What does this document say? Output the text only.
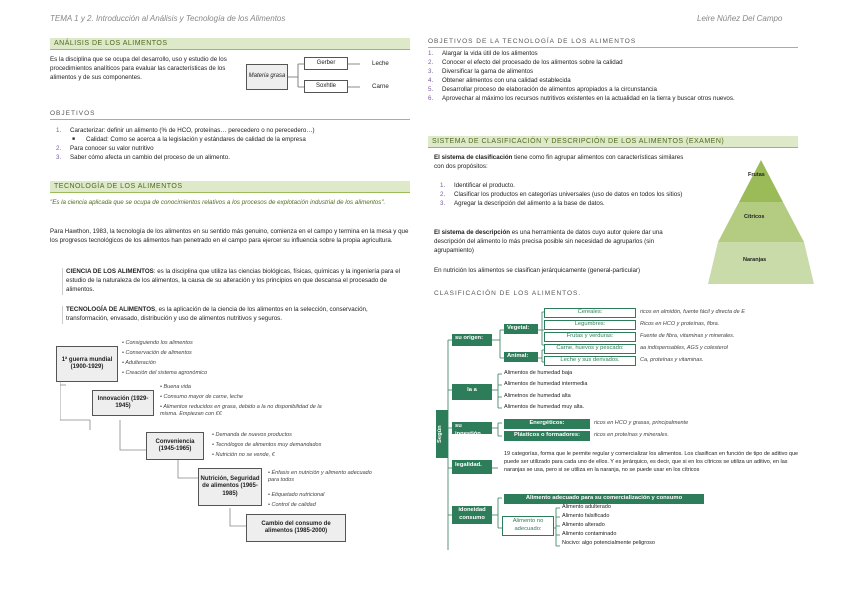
TEMA 1 y 2. Introducción al Análisis y Tecnología de los Alimentos	Leire Núñez Del Campo
ANÁLISIS DE LOS ALIMENTOS
Es la disciplina que se ocupa del desarrollo, uso y estudio de los procedimientos analíticos para evaluar las características de los alimentos y de sus componentes.	Materia grasa
Gerber
Soxhtle
Leche
Carne
OBJETIVOS
1.	Caracterizar: definir un alimento (% de HCO, proteínas… perecedero o no perecedero…)
■	Calidad: Como se acerca a la legislación y estándares de calidad de la empresa
2.	Para conocer su valor nutritivo
3.	Saber cómo afecta un cambio del proceso de un alimento.
TECNOLOGÍA DE LOS ALIMENTOS
"Es la ciencia aplicada que se ocupa de conocimientos relativos a los procesos de explotación industrial de los alimentos".
Para Hawthon, 1983, la tecnología de los alimentos en su sentido más genuino, comienza en el campo y termina en la mesa y que los progresos tecnológicos de los alimentos han penetrado en el campo para ejercer su influencia sobre la propia agricultura.
CIENCIA DE LOS ALIMENTOS: es la disciplina que utiliza las ciencias biológicas, físicas, químicas y la ingeniería para el estudio de la naturaleza de los alimentos, la causa de su alteración y los principios en que descansa el procesado de alimentos.
TECNOLOGÍA DE ALIMENTOS, es la aplicación de la ciencia de los alimentos en la selección, conservación, transformación, envasado, distribución y uso de alimentos nutritivos y seguros.
1ª guerra mundial (1900-1929)
Innovación (1929-1945)
Conveniencia (1945-1965)
Nutrición, Seguridad de alimentos (1965-1985)
Cambio del consumo de alimentos (1985-2000)
• Consiguiendo los alimentos
• Conservación de alimentos
• Adulteración
• Creación del sistema agronómico
• Buena vida
• Consumo mayor de carne, leche
• Alimentos reducidos en grasa, debido a la no disponibilidad de la misma. Empiezan con €€
• Demanda de nuevos productos
• Tecnólogos de alimentos muy demandados
• Nutrición no se vende, €
• Énfasis en nutrición y alimento adecuado para todos
• Etiquetado nutricional
• Control de calidad
OBJETIVOS DE LA TECNOLOGÍA DE LOS ALIMENTOS
1.	Alargar la vida útil de los alimentos
2.	Conocer el efecto del procesado de los alimentos sobre la calidad
3.	Diversificar la gama de alimentos
4.	Obtener alimentos con una calidad establecida
5.	Desarrollar proceso de elaboración de alimentos apropiados a la circunstancia
6.	Aprovechar al máximo los recursos nutritivos existentes en la actualidad en la tierra y buscar otros nuevos.
SISTEMA DE CLASIFICACIÓN Y DESCRIPCIÓN DE LOS ALIMENTOS (EXAMEN)
El sistema de clasificación tiene como fin agrupar alimentos con características similares con dos propósitos:
1.	Identificar el producto.
2.	Clasificar los productos en categorías universales (uso de datos en todos los sitios)
3.	Agregar la descripción del alimento a la base de datos.
El sistema de descripción es una herramienta de datos cuyo autor quiere dar una descripción del alimento lo más precisa posible sin necesidad de agruparlos (sin agrupamiento)
En nutrición los alimentos se clasifican jerárquicamente (general-particular)
Frutas
Cítricos
Naranjas
CLASIFICACIÓN DE LOS ALIMENTOS.
Según
su origen:
Vegetal:
Animal:
Cereales:
Legumbres:
Frutas y verduras:
Carne, huevos y pescado:
Leche y sus derivados.
ricos en almidón, fuente fácil y directa de E
Ricos en HCO y proteínas, fibra.
Fuente de fibra, vitaminas y minerales.
aa indispensables, AGS y colesterol
Ca, proteínas y vitaminas.
la a
Alimentos de humedad baja
Alimentos de humedad intermedia
Alimetnos de humedad alta
Alimentos de humedad muy alta.
su ingestión
Energéticos:
Plásticos o formadores:
ricos en HCO y grasas, principalmente
ricos en proteínas y minerales.
legalidad.
19 categorías, forma que le permite regular y comercializar los alimentos. Los clasifican en función de tipo de aditivo que puede ser utilizado para cada uno de ellos. Y es jerárquico, es decir, que si en los cítricos se utiliza un aditivo, en las naranjas se usa, pero si se utiliza en la naranja, no se puede usar en los cítricos
idoneidad consumo
Alimento adecuado para su comercialización y consumo
Alimento no adecuado:
Alimento adulterado
Alimento falsificado
Alimento alterado
Alimento contaminado
Nocivo: algo potencialmente peligroso
